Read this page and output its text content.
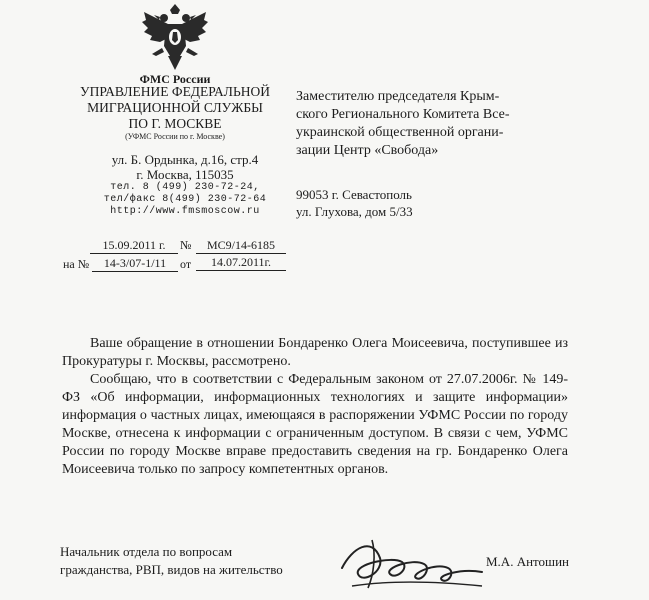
ФМС России
УПРАВЛЕНИЕ ФЕДЕРАЛЬНОЙ
МИГРАЦИОННОЙ СЛУЖБЫ
ПО Г. МОСКВЕ
(УФМС России по г. Москве)
ул. Б. Ордынка, д.16, стр.4
г. Москва, 115035
тел. 8 (499) 230-72-24,
тел/факс 8(499) 230-72-64
http://www.fmsmoscow.ru
15.09.2011 г.	№	МС9/14-6185
на №	14-3/07-1/11	от	14.07.2011г.
Заместителю председателя Крым-
ского Регионального Комитета Все-
украинской общественной органи-
зации Центр «Свобода»
99053 г. Севастополь
ул. Глухова, дом 5/33
Ваше обращение в отношении Бондаренко Олега Моисеевича, поступившее из Прокуратуры г. Москвы, рассмотрено.
Сообщаю, что в соответствии с Федеральным законом от 27.07.2006г. № 149-ФЗ «Об информации, информационных технологиях и защите информации» информация о частных лицах, имеющаяся в распоряжении УФМС России по городу Москве, отнесена к информации с ограниченным доступом. В связи с чем, УФМС России по городу Москве вправе предоставить сведения на гр. Бондаренко Олега Моисеевича только по запросу компетентных органов.
Начальник отдела по вопросам
гражданства, РВП, видов на жительство
М.А. Антошин
